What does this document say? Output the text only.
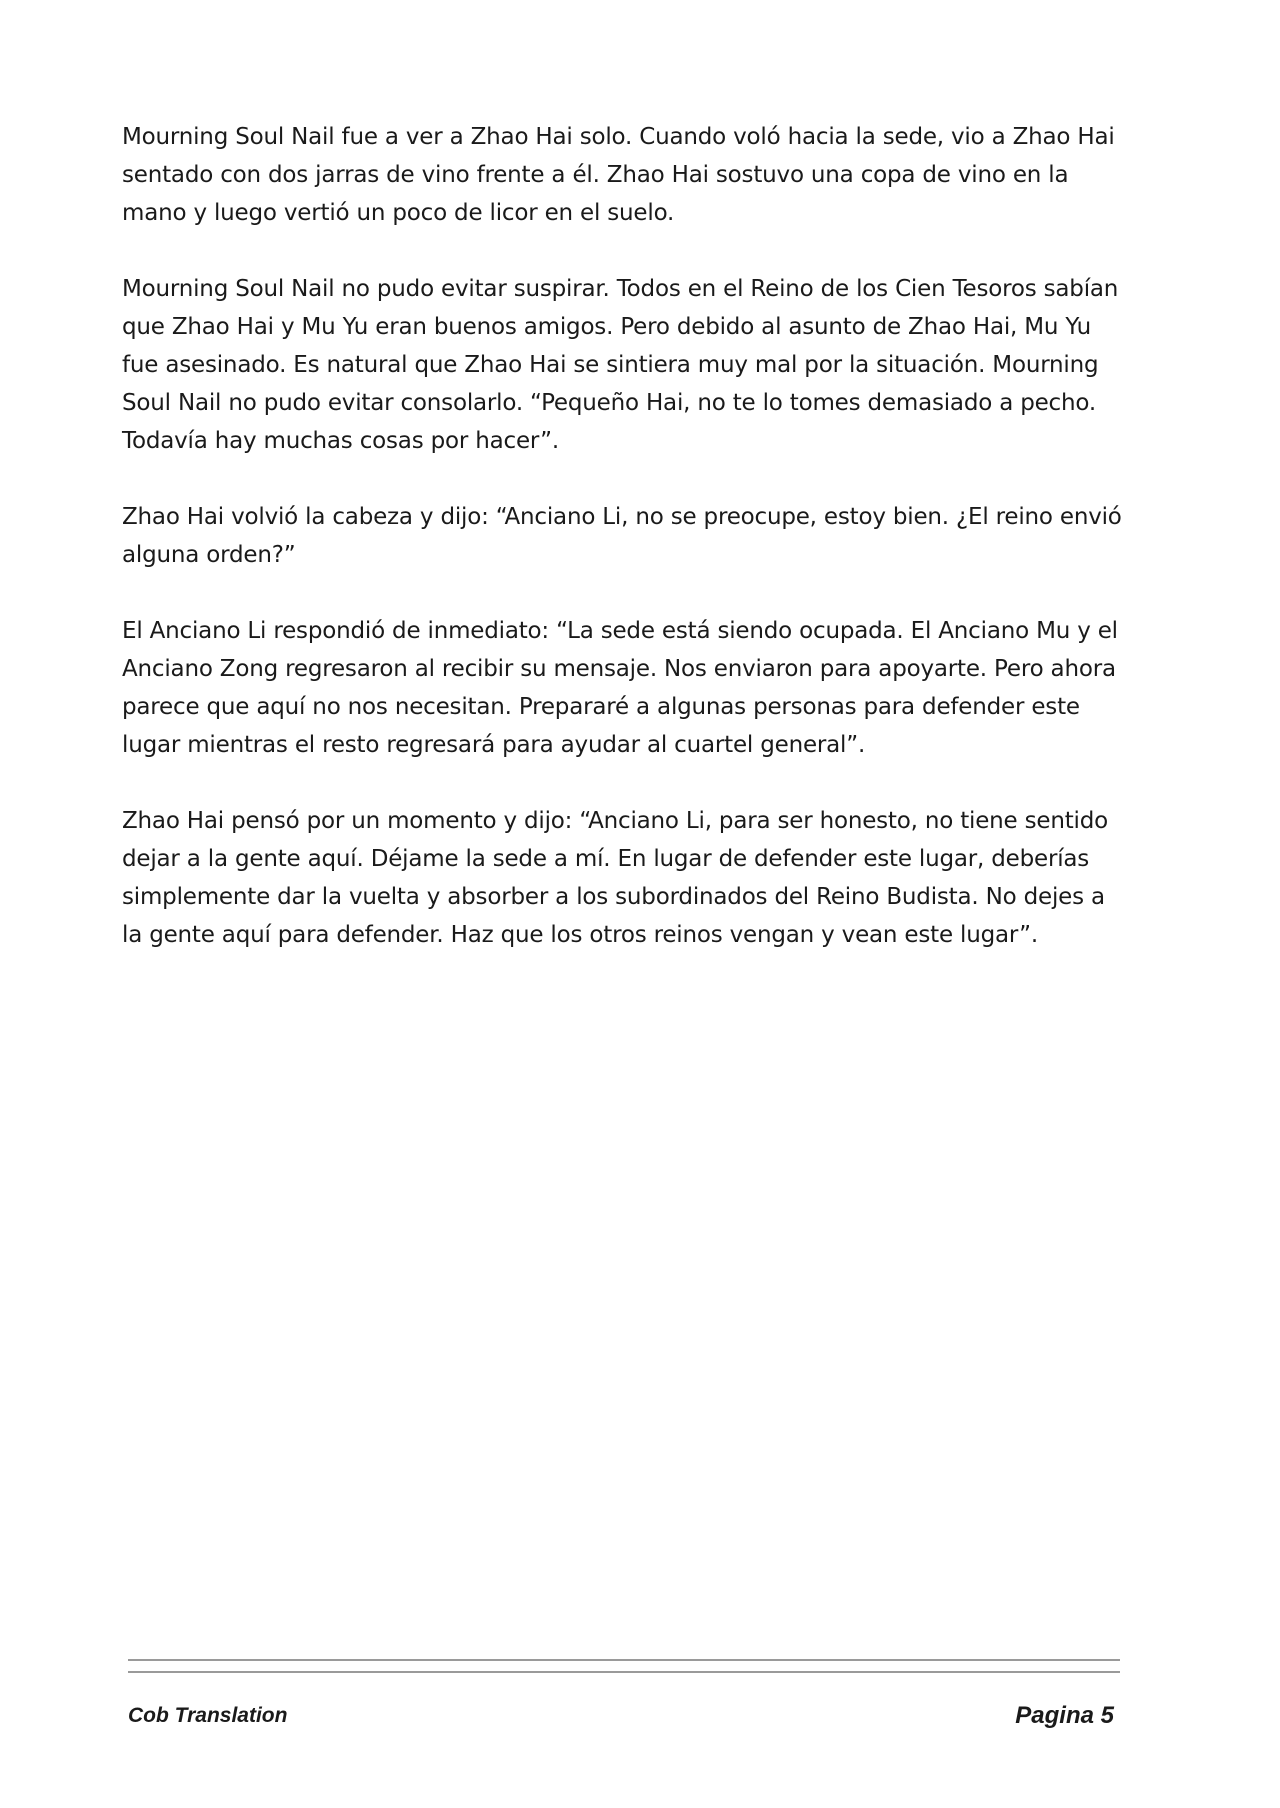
Mourning Soul Nail fue a ver a Zhao Hai solo. Cuando voló hacia la sede, vio a Zhao Hai sentado con dos jarras de vino frente a él. Zhao Hai sostuvo una copa de vino en la mano y luego vertió un poco de licor en el suelo.

Mourning Soul Nail no pudo evitar suspirar. Todos en el Reino de los Cien Tesoros sabían que Zhao Hai y Mu Yu eran buenos amigos. Pero debido al asunto de Zhao Hai, Mu Yu fue asesinado. Es natural que Zhao Hai se sintiera muy mal por la situación. Mourning Soul Nail no pudo evitar consolarlo. “Pequeño Hai, no te lo tomes demasiado a pecho. Todavía hay muchas cosas por hacer”.

Zhao Hai volvió la cabeza y dijo: “Anciano Li, no se preocupe, estoy bien. ¿El reino envió alguna orden?”

El Anciano Li respondió de inmediato: “La sede está siendo ocupada. El Anciano Mu y el Anciano Zong regresaron al recibir su mensaje. Nos enviaron para apoyarte. Pero ahora parece que aquí no nos necesitan. Prepararé a algunas personas para defender este lugar mientras el resto regresará para ayudar al cuartel general”.

Zhao Hai pensó por un momento y dijo: “Anciano Li, para ser honesto, no tiene sentido dejar a la gente aquí. Déjame la sede a mí. En lugar de defender este lugar, deberías simplemente dar la vuelta y absorber a los subordinados del Reino Budista. No dejes a la gente aquí para defender. Haz que los otros reinos vengan y vean este lugar”.

Cob Translation	Pagina 5
